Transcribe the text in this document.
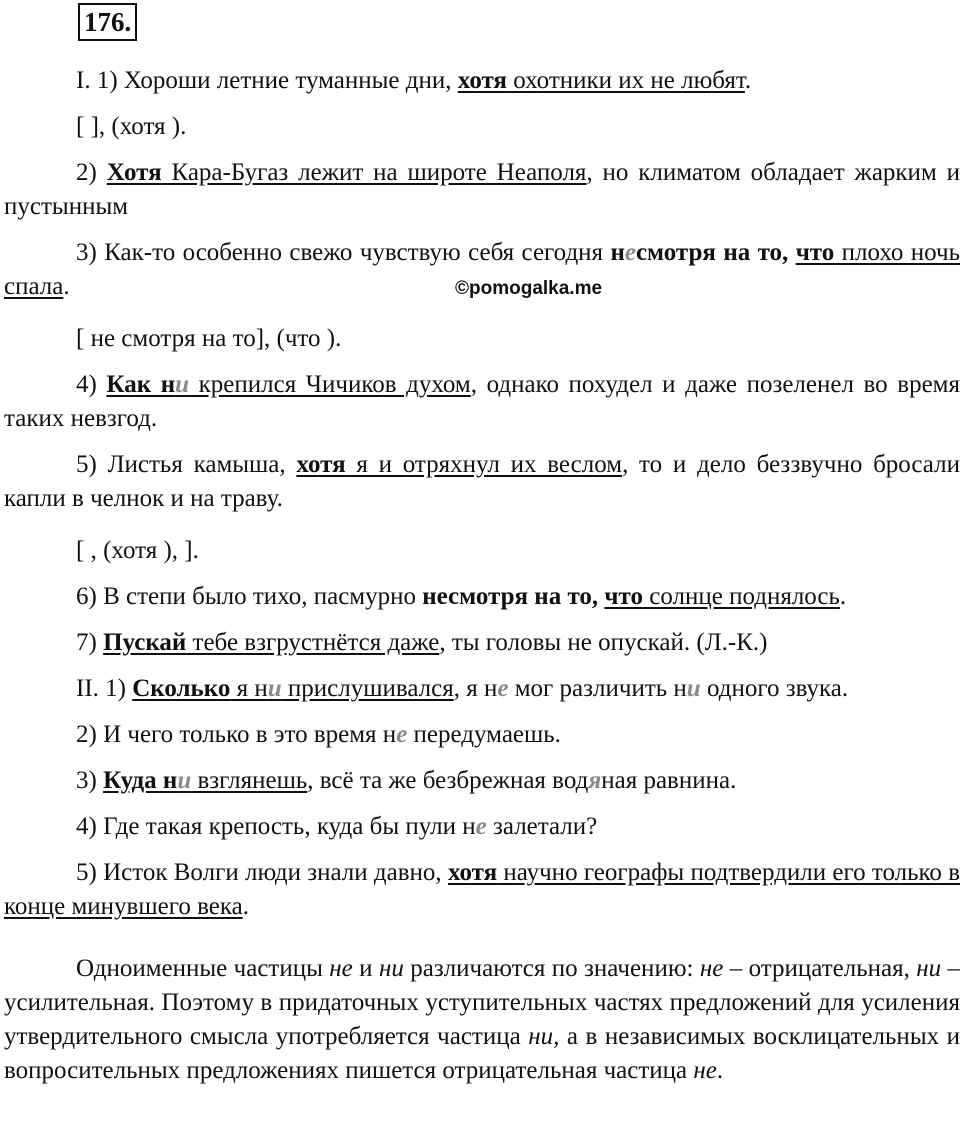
176.
©pomogalka.me

I. 1) Хороши летние туманные дни, хотя охотники их не любят.

[ ], (хотя ).

2) Хотя Кара-Бугаз лежит на широте Неаполя, но климатом обладает жарким и пустынным

3) Как-то особенно свежо чувствую себя сегодня несмотря на то, что плохо ночь спала.

[ не смотря на то], (что ).

4) Как ни крепился Чичиков духом, однако похудел и даже позеленел во время таких невзгод.

5) Листья камыша, хотя я и отряхнул их веслом, то и дело беззвучно бросали капли в челнок и на траву.

[ , (хотя ), ].

6) В степи было тихо, пасмурно несмотря на то, что солнце поднялось.

7) Пускай тебе взгрустнётся даже, ты головы не опускай. (Л.-К.)

II. 1) Сколько я ни прислушивался, я не мог различить ни одного звука.

2) И чего только в это время не передумаешь.

3) Куда ни взглянешь, всё та же безбрежная водяная равнина.

4) Где такая крепость, куда бы пули не залетали?

5) Исток Волги люди знали давно, хотя научно географы подтвердили его только в конце минувшего века.

Одноименные частицы не и ни различаются по значению: не – отрицательная, ни – усилительная. Поэтому в придаточных уступительных частях предложений для усиления утвердительного смысла употребляется частица ни, а в независимых восклицательных и вопросительных предложениях пишется отрицательная частица не.
